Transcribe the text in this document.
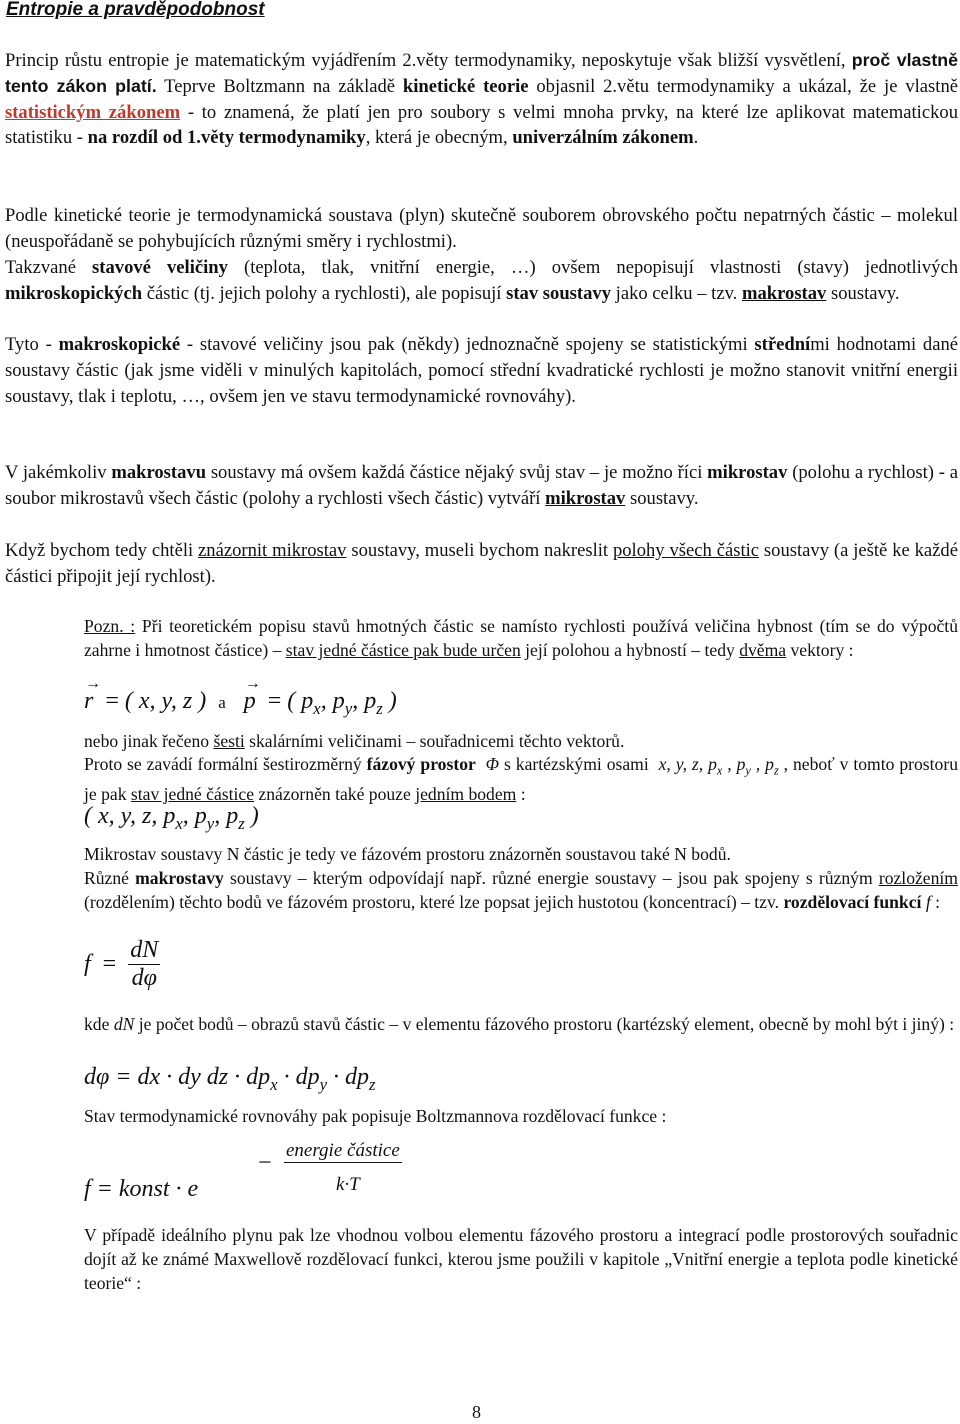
Entropie a pravděpodobnost

Princip růstu entropie je matematickým vyjádřením 2.věty termodynamiky, neposkytuje však bližší vysvětlení, proč vlastně tento zákon platí. Teprve Boltzmann na základě kinetické teorie objasnil 2.větu termodynamiky a ukázal, že je vlastně statistickým zákonem - to znamená, že platí jen pro soubory s velmi mnoha prvky, na které lze aplikovat matematickou statistiku - na rozdíl od 1.věty termodynamiky, která je obecným, univerzálním zákonem.

Podle kinetické teorie je termodynamická soustava (plyn) skutečně souborem obrovského počtu nepatrných částic – molekul (neuspořádaně se pohybujících různými směry i rychlostmi).

Takzvané stavové veličiny (teplota, tlak, vnitřní energie, …) ovšem nepopisují vlastnosti (stavy) jednotlivých mikroskopických částic (tj. jejich polohy a rychlosti), ale popisují stav soustavy jako celku – tzv. makrostav soustavy.

Tyto - makroskopické - stavové veličiny jsou pak (někdy) jednoznačně spojeny se statistickými středními hodnotami dané soustavy částic (jak jsme viděli v minulých kapitolách, pomocí střední kvadratické rychlosti je možno stanovit vnitřní energii soustavy, tlak i teplotu, …, ovšem jen ve stavu termodynamické rovnováhy).

V jakémkoliv makrostavu soustavy má ovšem každá částice nějaký svůj stav – je možno říci mikrostav (polohu a rychlost) - a soubor mikrostavů všech částic (polohy a rychlosti všech částic) vytváří mikrostav soustavy.

Když bychom tedy chtěli znázornit mikrostav soustavy, museli bychom nakreslit polohy všech částic soustavy (a ještě ke každé částici připojit její rychlost).

Pozn. : Při teoretickém popisu stavů hmotných částic se namísto rychlosti používá veličina hybnost (tím se do výpočtů zahrne i hmotnost částice) – stav jedné částice pak bude určen její polohou a hybností – tedy dvěma vektory :

→
r  = ( x, y, z ) a
→
p  = ( $p_x$, $p_y$, $p_z$ )

nebo jinak řečeno šesti skalárními veličinami – souřadnicemi těchto vektorů.

Proto se zavádí formální šestirozměrný fázový prostor Φ s kartézskými osami  x, y, z, $p_x$ , $p_y$ , $p_z$ , neboť v tomto prostoru je pak stav jedné částice znázorněn také pouze jedním bodem :

( x, y, z, $p_x$, $p_y$, $p_z$ )

Mikrostav soustavy N částic je tedy ve fázovém prostoru znázorněn soustavou také N bodů.

Různé makrostavy soustavy – kterým odpovídají např. různé energie soustavy – jsou pak spojeny s různým rozložením (rozdělením) těchto bodů ve fázovém prostoru, které lze popsat jejich hustotou (koncentrací) – tzv. rozdělovací funkcí f :

$f = \frac{dN}{d\varphi}$

kde dN je počet bodů – obrazů stavů částic – v elementu fázového prostoru (kartézský element, obecně by mohl být i jiný) :

dφ = dx · dy dz · $dp_x \cdot dp_y \cdot dp_z$

Stav termodynamické rovnováhy pak popisuje Boltzmannova rozdělovací funkce :

f = konst · e
− energie částice
k·T

V případě ideálního plynu pak lze vhodnou volbou elementu fázového prostoru a integrací podle prostorových souřadnic dojít až ke známé Maxwellově rozdělovací funkci, kterou jsme použili v kapitole „Vnitřní energie a teplota podle kinetické teorie“ :

8
